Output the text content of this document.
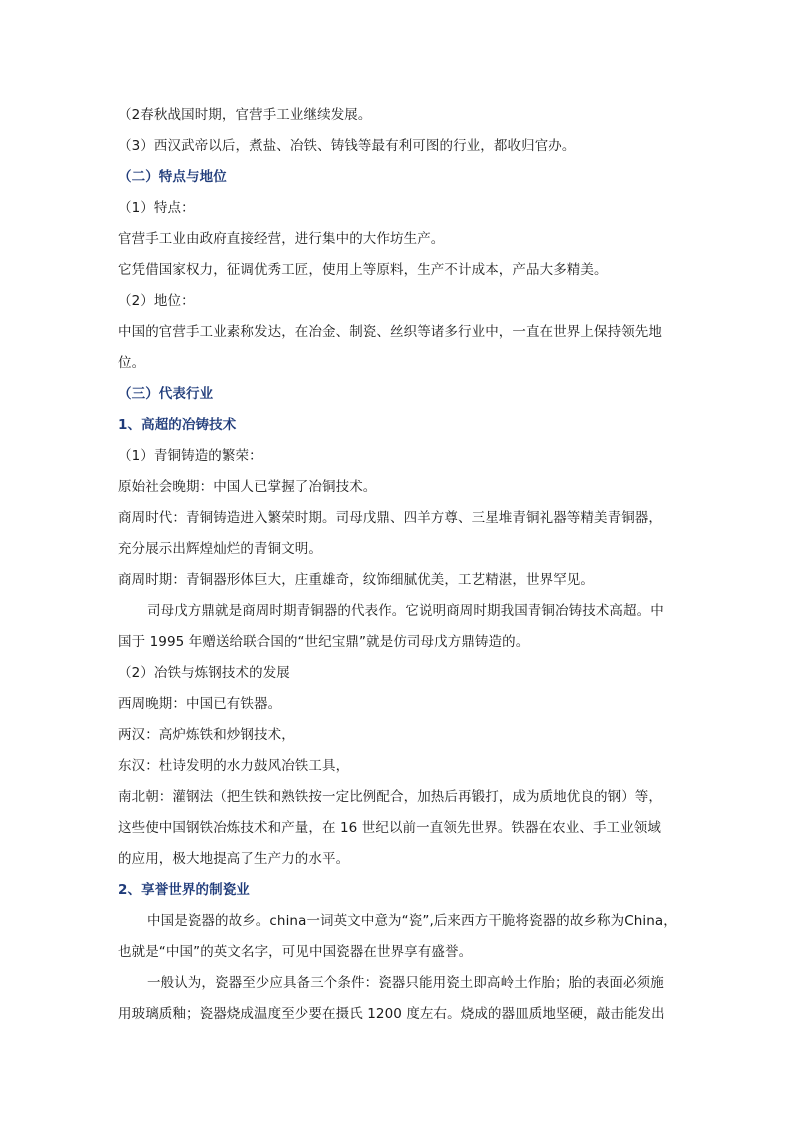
（2春秋战国时期，官营手工业继续发展。
（3）西汉武帝以后，煮盐、冶铁、铸钱等最有利可图的行业，都收归官办。
（二）特点与地位
（1）特点：
官营手工业由政府直接经营，进行集中的大作坊生产。
它凭借国家权力，征调优秀工匠，使用上等原料，生产不计成本，产品大多精美。
（2）地位：
中国的官营手工业素称发达，在冶金、制瓷、丝织等诸多行业中，一直在世界上保持领先地
位。
（三）代表行业
1、高超的冶铸技术
（1）青铜铸造的繁荣：
原始社会晚期：中国人已掌握了冶铜技术。
商周时代：青铜铸造进入繁荣时期。司母戊鼎、四羊方尊、三星堆青铜礼器等精美青铜器，
充分展示出辉煌灿烂的青铜文明。
商周时期：青铜器形体巨大，庄重雄奇，纹饰细腻优美，工艺精湛，世界罕见。
司母戊方鼎就是商周时期青铜器的代表作。它说明商周时期我国青铜冶铸技术高超。中
国于 1995 年赠送给联合国的“世纪宝鼎”就是仿司母戊方鼎铸造的。
（2）冶铁与炼钢技术的发展
西周晚期：中国已有铁器。
两汉：高炉炼铁和炒钢技术，
东汉：杜诗发明的水力鼓风冶铁工具，
南北朝：灌钢法（把生铁和熟铁按一定比例配合，加热后再锻打，成为质地优良的钢）等，
这些使中国钢铁冶炼技术和产量，在 16 世纪以前一直领先世界。铁器在农业、手工业领域
的应用，极大地提高了生产力的水平。
2、享誉世界的制瓷业
中国是瓷器的故乡。china一词英文中意为“瓷”,后来西方干脆将瓷器的故乡称为China，
也就是“中国”的英文名字，可见中国瓷器在世界享有盛誉。
一般认为，瓷器至少应具备三个条件：瓷器只能用瓷土即高岭土作胎；胎的表面必须施
用玻璃质釉；瓷器烧成温度至少要在摄氏 1200 度左右。烧成的器皿质地坚硬，敲击能发出
